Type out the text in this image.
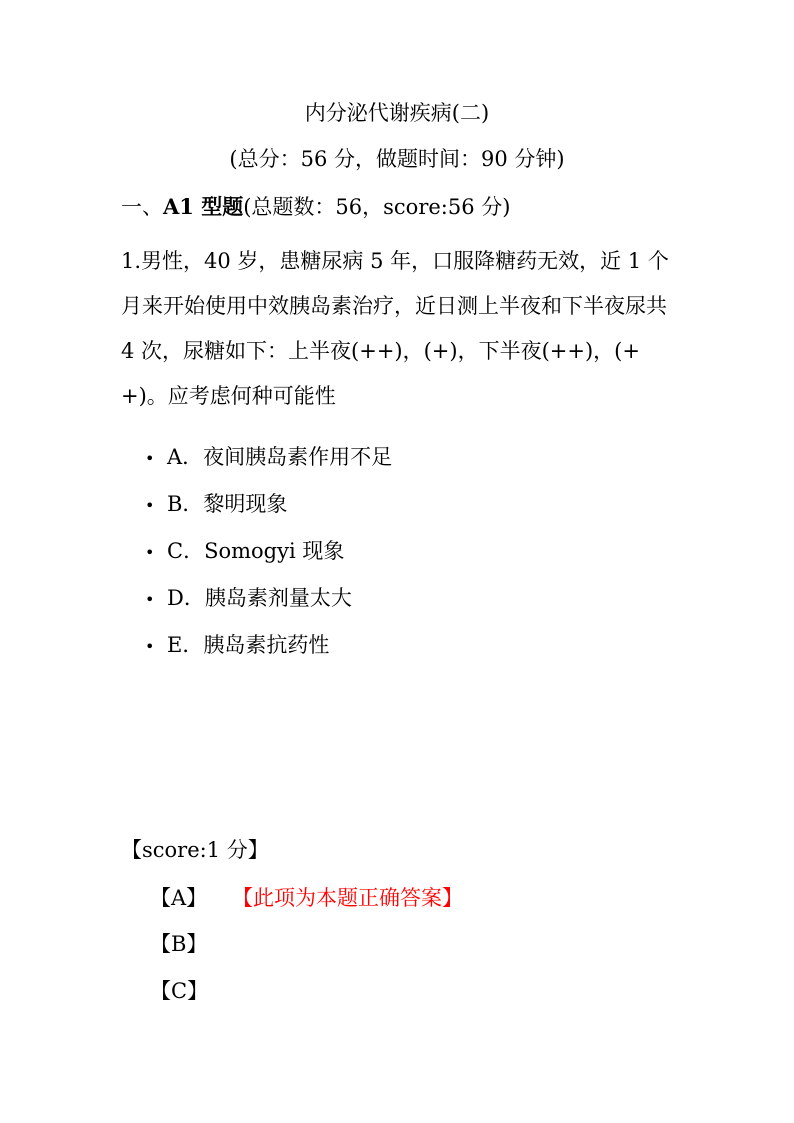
内分泌代谢疾病(二)
(总分：56 分，做题时间：90 分钟)
一、A1 型题(总题数：56，score:56 分)

1.男性，40 岁，患糖尿病 5 年，口服降糖药无效，近 1 个月来开始使用中效胰岛素治疗，近日测上半夜和下半夜尿共 4 次，尿糖如下：上半夜(++)，(+)，下半夜(++)，(++)。应考虑何种可能性

• A．夜间胰岛素作用不足
• B．黎明现象
• C．Somogyi 现象
• D．胰岛素剂量太大
• E．胰岛素抗药性
【score:1 分】
【A】 【此项为本题正确答案】
【B】
【C】
